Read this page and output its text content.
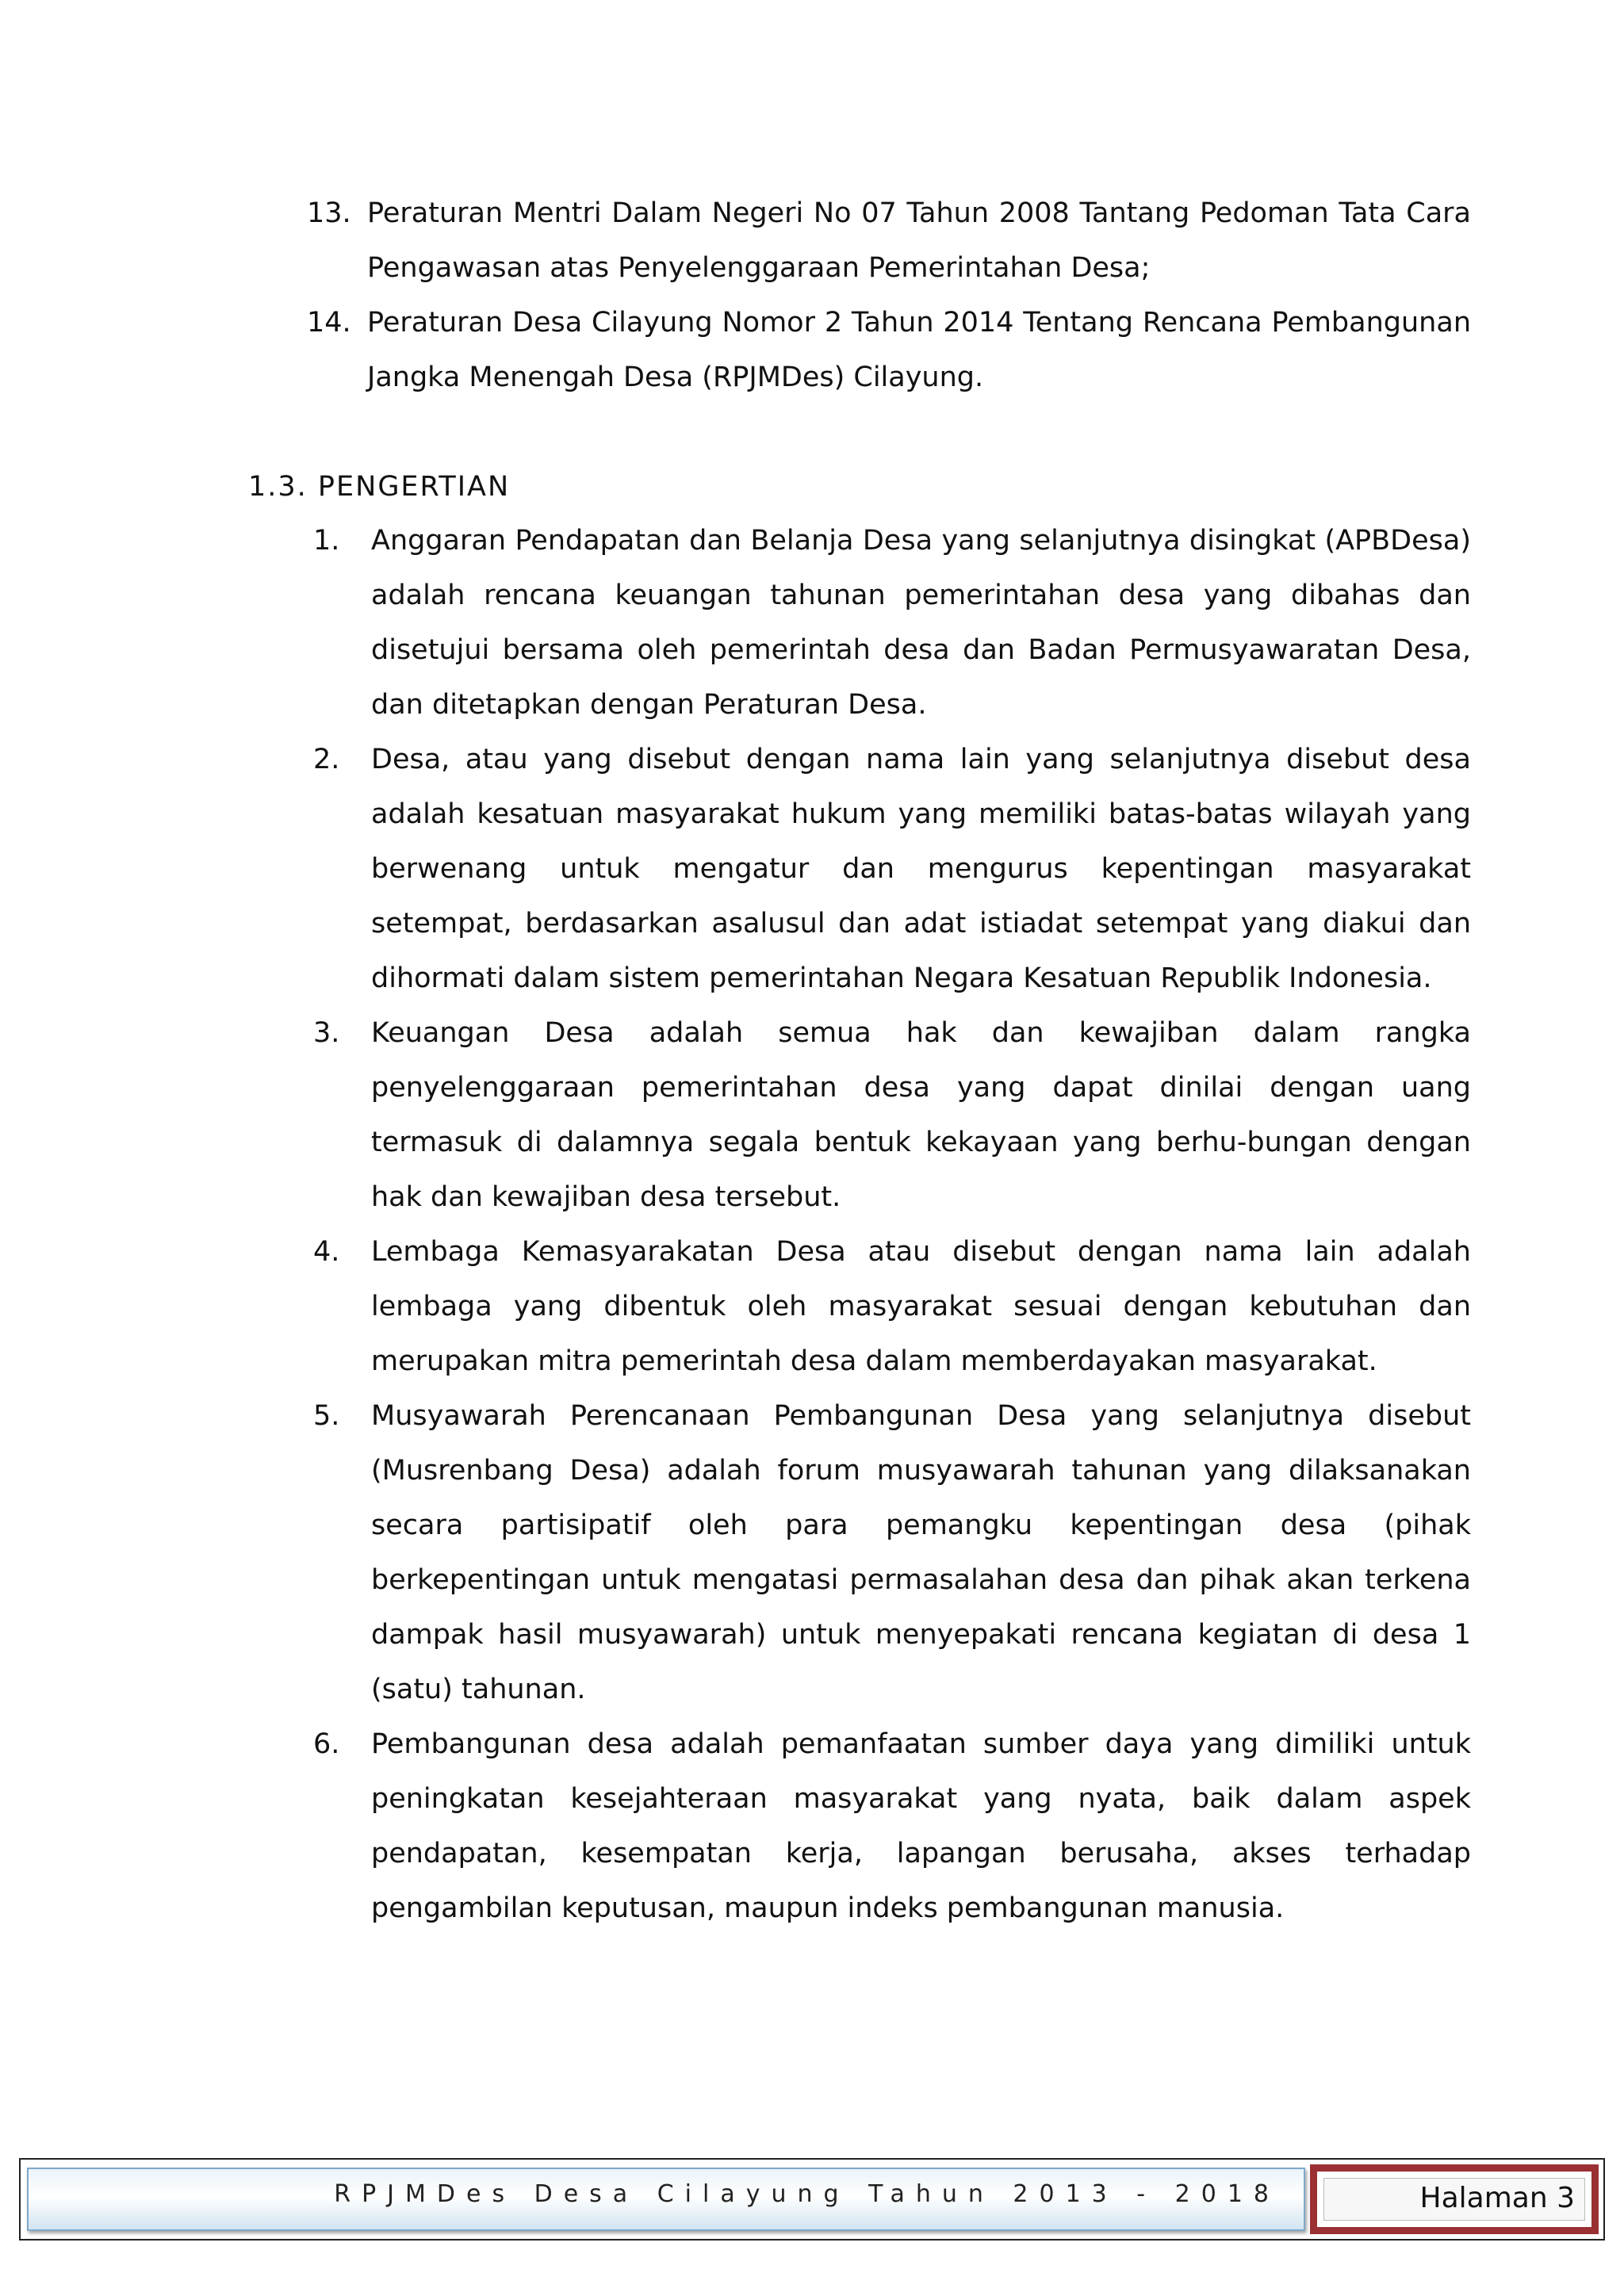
13. Peraturan Mentri Dalam Negeri No 07 Tahun 2008 Tantang Pedoman Tata Cara Pengawasan atas Penyelenggaraan Pemerintahan Desa;
14. Peraturan Desa Cilayung Nomor 2 Tahun 2014 Tentang Rencana Pembangunan Jangka Menengah Desa (RPJMDes) Cilayung.
1.3. PENGERTIAN
1.	Anggaran Pendapatan dan Belanja Desa yang selanjutnya disingkat (APBDesa) adalah rencana keuangan tahunan pemerintahan desa yang dibahas dan disetujui bersama oleh pemerintah desa dan Badan Permusyawaratan Desa, dan ditetapkan dengan Peraturan Desa.
2.	Desa, atau yang disebut dengan nama lain yang selanjutnya disebut desa adalah kesatuan masyarakat hukum yang memiliki batas-batas wilayah yang berwenang untuk mengatur dan mengurus kepentingan masyarakat setempat, berdasarkan asalusul dan adat istiadat setempat yang diakui dan dihormati dalam sistem pemerintahan Negara Kesatuan Republik Indonesia.
3.	Keuangan Desa adalah semua hak dan kewajiban dalam rangka penyelenggaraan pemerintahan desa yang dapat dinilai dengan uang termasuk di dalamnya segala bentuk kekayaan yang berhu-bungan dengan hak dan kewajiban desa tersebut.
4.	Lembaga Kemasyarakatan Desa atau disebut dengan nama lain adalah lembaga yang dibentuk oleh masyarakat sesuai dengan kebutuhan dan merupakan mitra pemerintah desa dalam memberdayakan masyarakat.
5.	Musyawarah Perencanaan Pembangunan Desa yang selanjutnya disebut (Musrenbang Desa) adalah forum musyawarah tahunan yang dilaksanakan secara partisipatif oleh para pemangku kepentingan desa (pihak berkepentingan untuk mengatasi permasalahan desa dan pihak akan terkena dampak hasil musyawarah) untuk menyepakati rencana kegiatan di desa 1 (satu) tahunan.
6.	Pembangunan desa adalah pemanfaatan sumber daya yang dimiliki untuk peningkatan kesejahteraan masyarakat yang nyata, baik dalam aspek pendapatan, kesempatan kerja, lapangan berusaha, akses terhadap pengambilan keputusan, maupun indeks pembangunan manusia.
RPJMDes Desa Cilayung Tahun 2013 - 2018	Halaman 3
